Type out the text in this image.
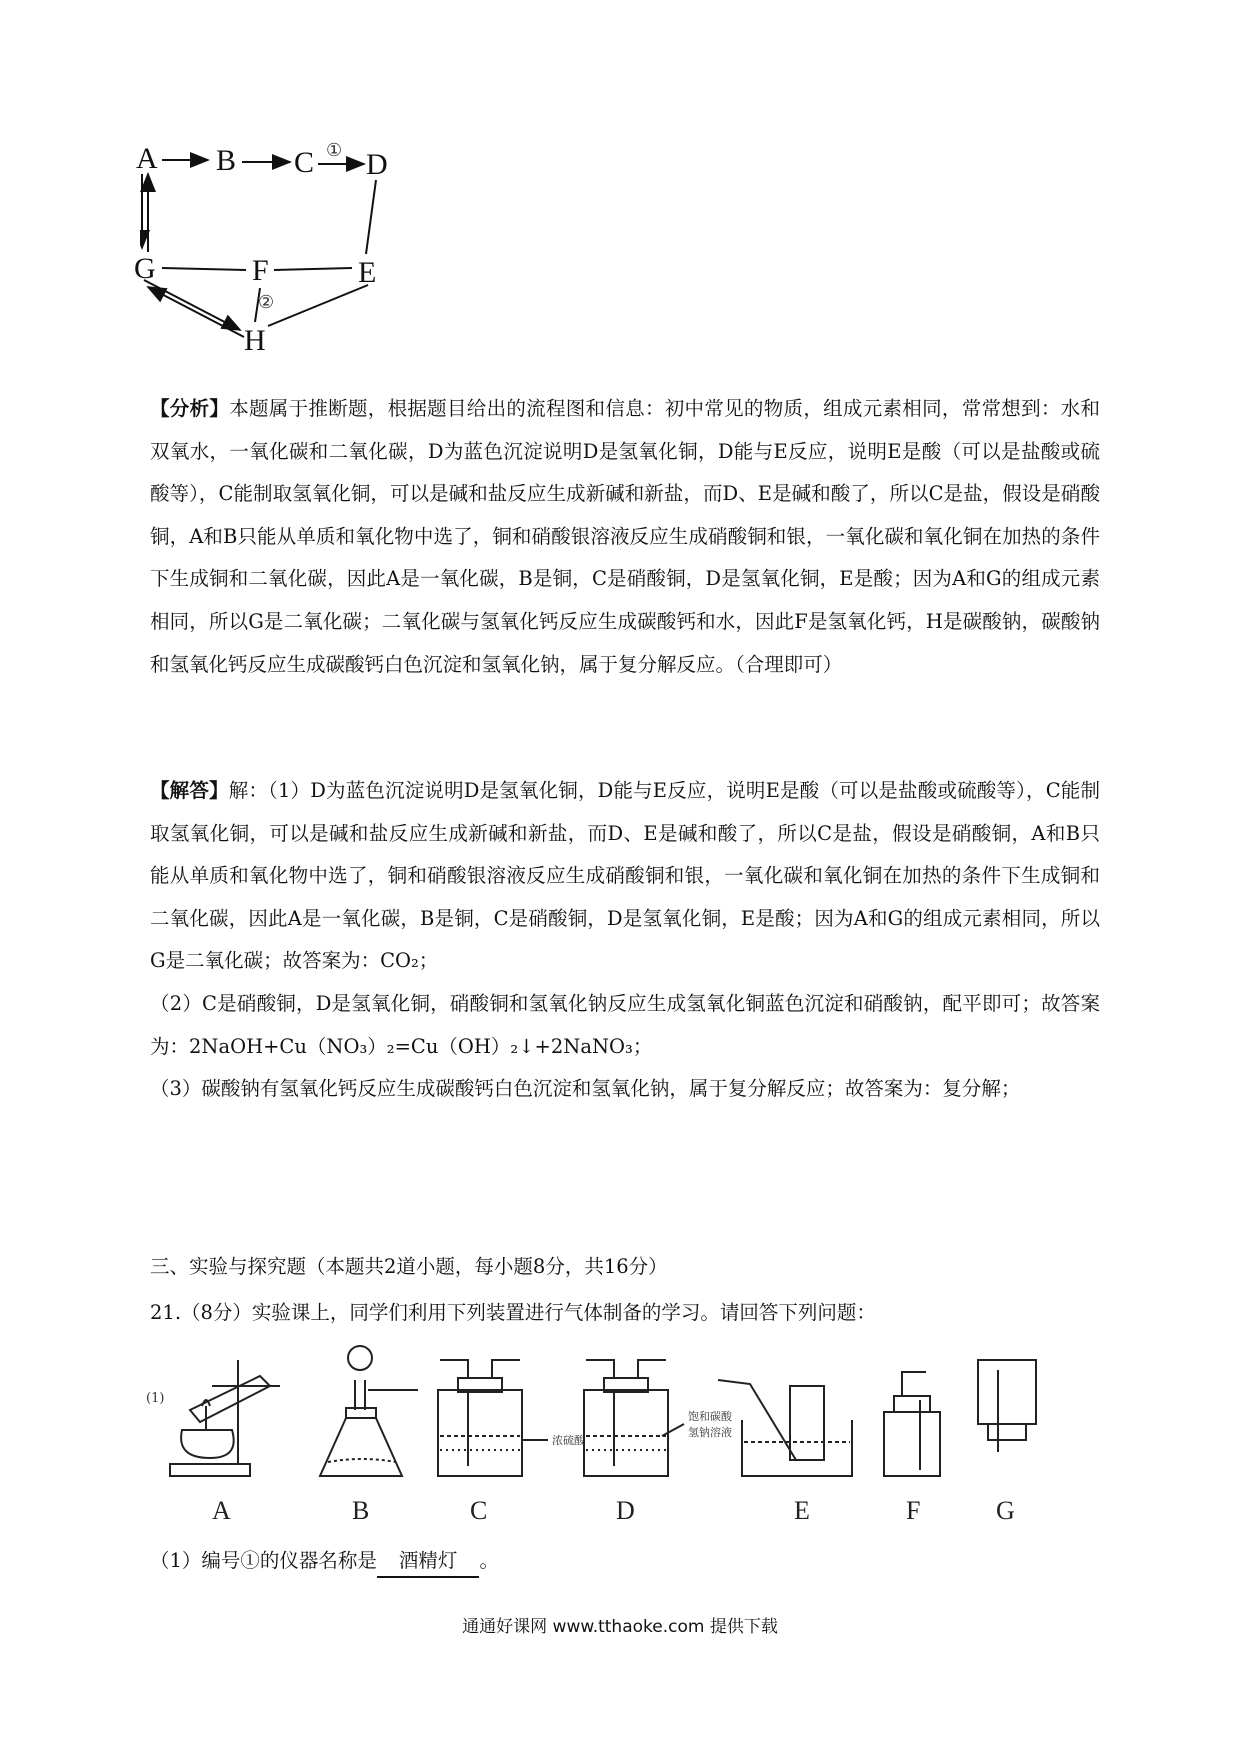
A B C D
G	F	E
H
①
②

【分析】本题属于推断题，根据题目给出的流程图和信息：初中常见的物质，组成元素相同，常常想到：水和双氧水，一氧化碳和二氧化碳，D为蓝色沉淀说明D是氢氧化铜，D能与E反应，说明E是酸（可以是盐酸或硫酸等），C能制取氢氧化铜，可以是碱和盐反应生成新碱和新盐，而D、E是碱和酸了，所以C是盐，假设是硝酸铜，A和B只能从单质和氧化物中选了，铜和硝酸银溶液反应生成硝酸铜和银，一氧化碳和氧化铜在加热的条件下生成铜和二氧化碳，因此A是一氧化碳，B是铜，C是硝酸铜，D是氢氧化铜，E是酸；因为A和G的组成元素相同，所以G是二氧化碳；二氧化碳与氢氧化钙反应生成碳酸钙和水，因此F是氢氧化钙，H是碳酸钠，碳酸钠和氢氧化钙反应生成碳酸钙白色沉淀和氢氧化钠，属于复分解反应。（合理即可）

【解答】解：（1）D为蓝色沉淀说明D是氢氧化铜，D能与E反应，说明E是酸（可以是盐酸或硫酸等），C能制取氢氧化铜，可以是碱和盐反应生成新碱和新盐，而D、E是碱和酸了，所以C是盐，假设是硝酸铜，A和B只能从单质和氧化物中选了，铜和硝酸银溶液反应生成硝酸铜和银，一氧化碳和氧化铜在加热的条件下生成铜和二氧化碳，因此A是一氧化碳，B是铜，C是硝酸铜，D是氢氧化铜，E是酸；因为A和G的组成元素相同，所以G是二氧化碳；故答案为：CO₂；

（2）C是硝酸铜，D是氢氧化铜，硝酸铜和氢氧化钠反应生成氢氧化铜蓝色沉淀和硝酸钠，配平即可；故答案为：2NaOH+Cu（NO₃）₂=Cu（OH）₂↓+2NaNO₃；

（3）碳酸钠有氢氧化钙反应生成碳酸钙白色沉淀和氢氧化钠，属于复分解反应；故答案为：复分解；

三、实验与探究题（本题共2道小题，每小题8分，共16分）
21.（8分）实验课上，同学们利用下列装置进行气体制备的学习。请回答下列问题：
(1)
浓硫酸
饱和碳酸
氢钠溶液
A	B	C	D	E	F	G
（1）编号①的仪器名称是 酒精灯 。
通通好课网 www.tthaoke.com 提供下载
